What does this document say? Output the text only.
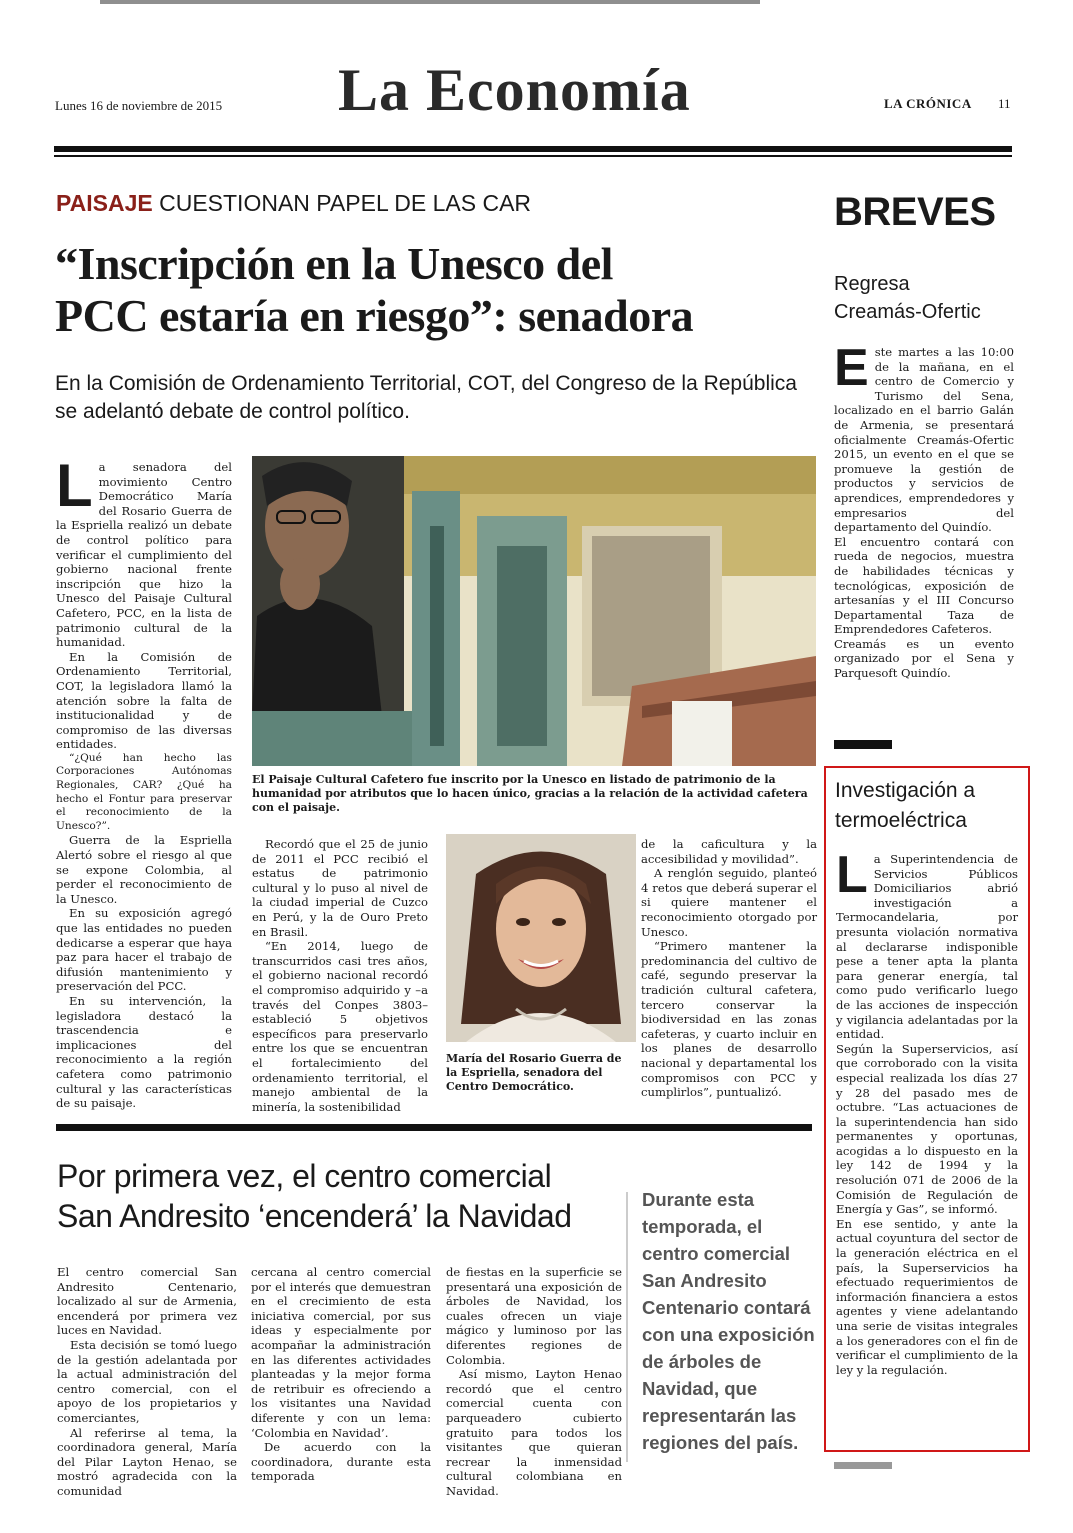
La Economía
Lunes 16 de noviembre de 2015	LA CRÓNICA 11
PAISAJE CUESTIONAN PAPEL DE LAS CAR
“Inscripción en la Unesco del
PCC estaría en riesgo”: senadora
En la Comisión de Ordenamiento Territorial, COT, del Congreso de la República se adelantó debate de control político.
L a senadora del movimiento Centro Democrático María del Rosario Guerra de la Espriella realizó un debate de control político para verificar el cumplimiento del gobierno nacional frente inscripción que hizo la Unesco del Paisaje Cultural Cafetero, PCC, en la lista de patrimonio cultural de la humanidad.

En la Comisión de Ordenamiento Territorial, COT, la legisladora llamó la atención sobre la falta de institucionalidad y de compromiso de las diversas entidades.

“¿Qué han hecho las Corporaciones Autónomas Regionales, CAR? ¿Qué ha hecho el Fontur para preservar el reconocimiento de la Unesco?”.

Guerra de la Espriella Alertó sobre el riesgo al que se expone Colombia, al perder el reconocimiento de la Unesco.

En su exposición agregó que las entidades no pueden dedicarse a esperar que haya paz para hacer el trabajo de difusión mantenimiento y preservación del PCC.

En su intervención, la legisladora destacó la trascendencia e implicaciones del reconocimiento a la región cafetera como patrimonio cultural y las características de su paisaje.

El Paisaje Cultural Cafetero fue inscrito por la Unesco en listado de patrimonio de la humanidad por atributos que lo hacen único, gracias a la relación de la actividad cafetera con el paisaje.

Recordó que el 25 de junio de 2011 el PCC recibió el estatus de patrimonio cultural y lo puso al nivel de la ciudad imperial de Cuzco en Perú, y la de Ouro Preto en Brasil.

“En 2014, luego de transcurridos casi tres años, el gobierno nacional recordó el compromiso adquirido y –a través del Conpes 3803– estableció 5 objetivos específicos para preservarlo entre los que se encuentran el fortalecimiento del ordenamiento territorial, el manejo ambiental de la minería, la sostenibilidad

María del Rosario Guerra de la Espriella, senadora del Centro Democrático.

de la caficultura y la accesibilidad y movilidad”.

A renglón seguido, planteó 4 retos que deberá superar el si quiere mantener el reconocimiento otorgado por Unesco.

“Primero mantener la predominancia del cultivo de café, segundo preservar la tradición cultural cafetera, tercero conservar la biodiversidad en las zonas cafeteras, y cuarto incluir en los planes de desarrollo nacional y departamental los compromisos con PCC y cumplirlos”, puntualizó.

BREVES
Regresa
Creamás-Ofertic
E ste martes a las 10:00 de la mañana, en el centro de Comercio y Turismo del Sena, localizado en el barrio Galán de Armenia, se presentará oficialmente Creamás-Ofertic 2015, un evento en el que se promueve la gestión de productos y servicios de aprendices, emprendedores y empresarios del departamento del Quindío.

El encuentro contará con rueda de negocios, muestra de habilidades técnicas y tecnológicas, exposición de artesanías y el III Concurso Departamental Taza de Emprendedores Cafeteros.

Creamás es un evento organizado por el Sena y Parquesoft Quindío.

Investigación a
termoeléctrica
L a Superintendencia de Servicios Públicos Domiciliarios abrió investigación a Termocandelaria, por presunta violación normativa al declararse indisponible pese a tener apta la planta para generar energía, tal como pudo verificarlo luego de las acciones de inspección y vigilancia adelantadas por la entidad.

Según la Superservicios, así que corroborado con la visita especial realizada los días 27 y 28 del pasado mes de octubre. “Las actuaciones de la superintendencia han sido permanentes y oportunas, acogidas a lo dispuesto en la ley 142 de 1994 y la resolución 071 de 2006 de la Comisión de Regulación de Energía y Gas”, se informó.

En ese sentido, y ante la actual coyuntura del sector de la generación eléctrica en el país, la Superservicios ha efectuado requerimientos de información financiera a estos agentes y viene adelantando una serie de visitas integrales a los generadores con el fin de verificar el cumplimiento de la ley y la regulación.

Por primera vez, el centro comercial
San Andresito ‘encenderá’ la Navidad

El centro comercial San Andresito Centenario, localizado al sur de Armenia, encenderá por primera vez luces en Navidad.

Esta decisión se tomó luego de la gestión adelantada por la actual administración del centro comercial, con el apoyo de los propietarios y comerciantes,

Al referirse al tema, la coordinadora general, María del Pilar Layton Henao, se mostró agradecida con la comunidad

cercana al centro comercial por el interés que demuestran en el crecimiento de esta iniciativa comercial, por sus ideas y especialmente por acompañar la administración en las diferentes actividades planteadas y la mejor forma de retribuir es ofreciendo a los visitantes una Navidad diferente y con un lema: ‘Colombia en Navidad’.

De acuerdo con la coordinadora, durante esta temporada

de fiestas en la superficie se presentará una exposición de árboles de Navidad, los cuales ofrecen un viaje mágico y luminoso por las diferentes regiones de Colombia.

Así mismo, Layton Henao recordó que el centro comercial cuenta con parqueadero cubierto gratuito para todos los visitantes que quieran recrear la inmensidad cultural colombiana en Navidad.

Durante esta temporada, el centro comercial San Andresito Centenario contará con una exposición de árboles de Navidad, que representarán las regiones del país.
